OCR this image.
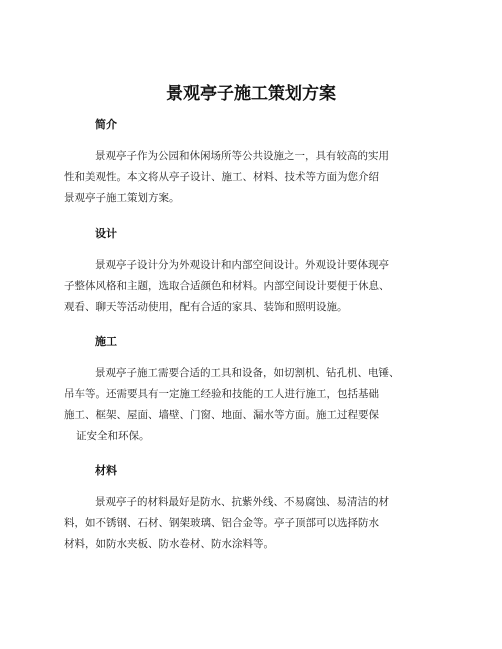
景观亭子施工策划方案
简介
景观亭子作为公园和休闲场所等公共设施之一，具有较高的实用
性和美观性。本文将从亭子设计、施工、材料、技术等方面为您介绍
景观亭子施工策划方案。
设计
景观亭子设计分为外观设计和内部空间设计。外观设计要体现亭
子整体风格和主题，选取合适颜色和材料。内部空间设计要便于休息、
观看、聊天等活动使用，配有合适的家具、装饰和照明设施。
施工
景观亭子施工需要合适的工具和设备，如切割机、钻孔机、电锤、
吊车等。还需要具有一定施工经验和技能的工人进行施工，包括基础
施工、框架、屋面、墙壁、门窗、地面、漏水等方面。施工过程要保
证安全和环保。
材料
景观亭子的材料最好是防水、抗紫外线、不易腐蚀、易清洁的材
料，如不锈钢、石材、钢架玻璃、铝合金等。亭子顶部可以选择防水
材料，如防水夹板、防水卷材、防水涂料等。
